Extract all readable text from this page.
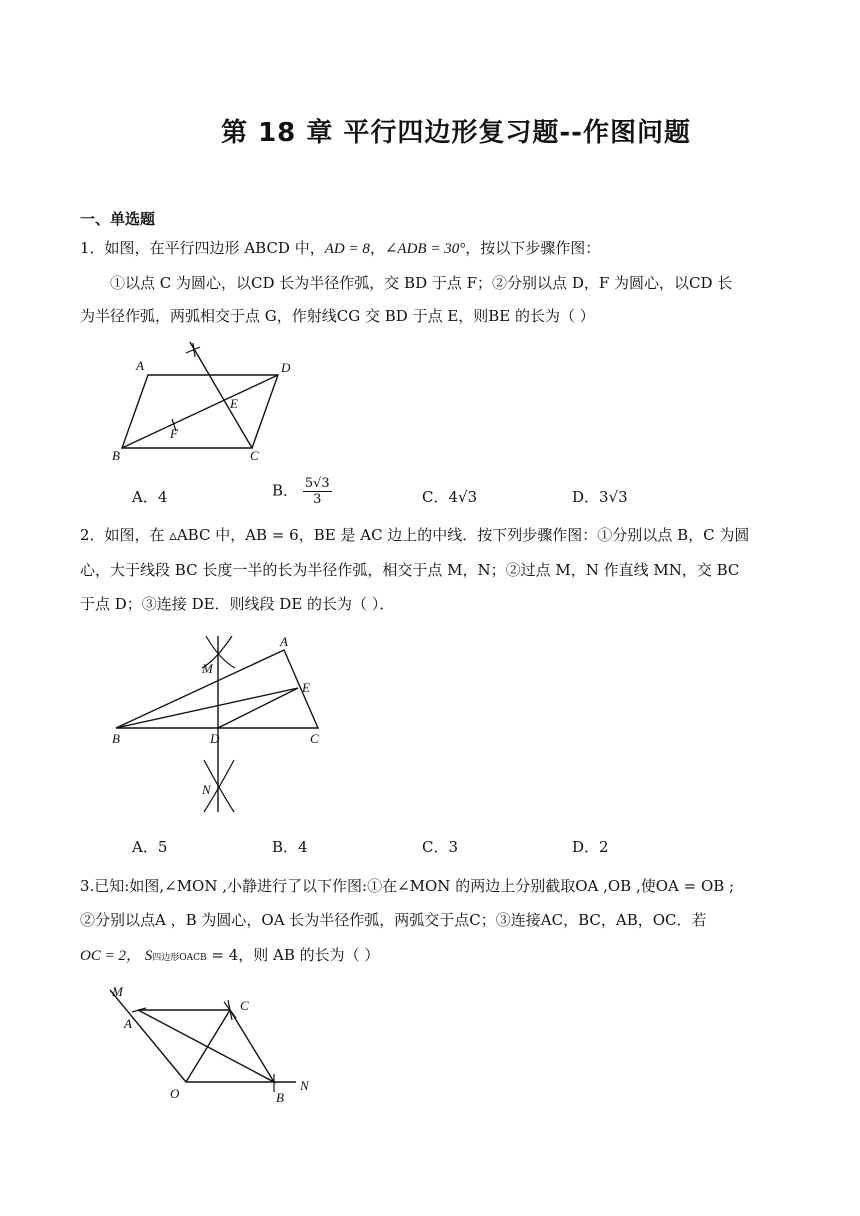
第 18 章 平行四边形复习题--作图问题
一、单选题
1．如图，在平行四边形 ABCD 中，AD = 8，∠ADB = 30°，按以下步骤作图：
①以点 C 为圆心，以CD 长为半径作弧，交 BD 于点 F；②分别以点 D，F 为圆心，以CD 长
为半径作弧，两弧相交于点 G，作射线CG 交 BD 于点 E，则BE 的长为（ ）
A	D
E
F
B	C
A．4	B． $\frac{5√3}{3}$	C．4√3	D．3√3
2．如图，在 ▵ABC 中，AB = 6，BE 是 AC 边上的中线．按下列步骤作图：①分别以点 B，C 为圆
心，大于线段 BC 长度一半的长为半径作弧，相交于点 M，N；②过点 M，N 作直线 MN，交 BC
于点 D；③连接 DE．则线段 DE 的长为（ ）．
A
M
E
B	D	C
N
A．5	B．4	C．3	D．2
3.已知:如图,∠MON ,小静进行了以下作图:①在∠MON 的两边上分别截取OA ,OB ,使OA = OB ;
②分别以点A ，B 为圆心，OA 长为半径作弧，两弧交于点C；③连接AC，BC，AB，OC．若
OC = 2， S四边形OACB = 4，则 AB 的长为（ ）
M
A
C
O	B
N
